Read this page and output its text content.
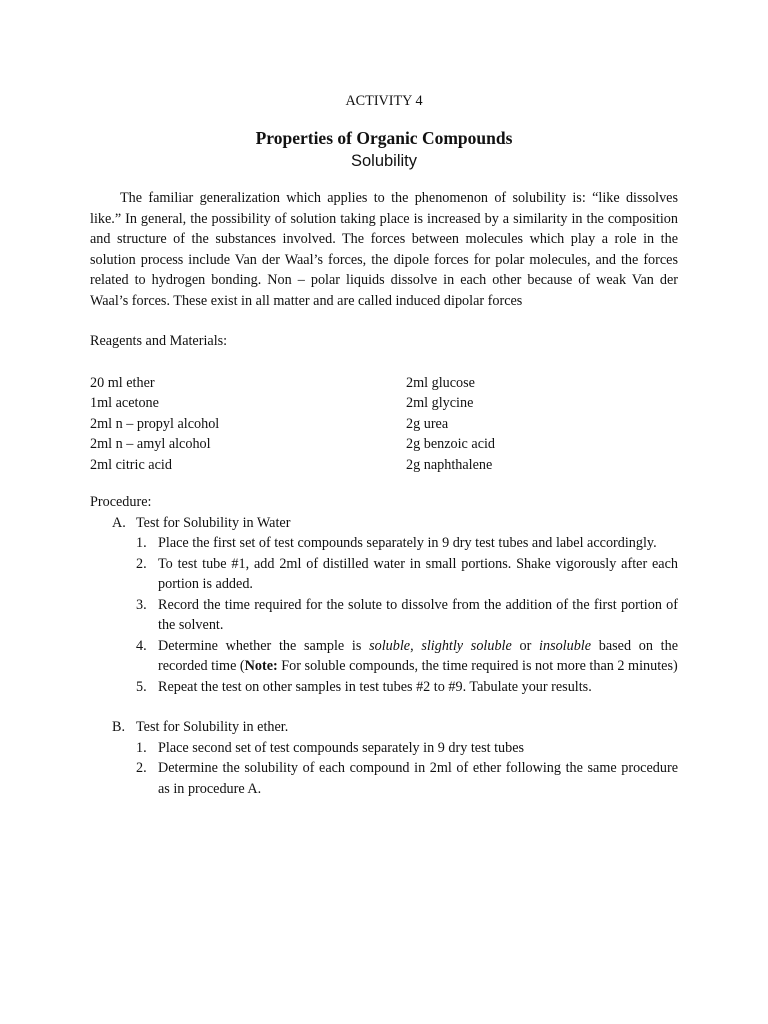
ACTIVITY 4
Properties of Organic Compounds
Solubility

The familiar generalization which applies to the phenomenon of solubility is: “like dissolves like.” In general, the possibility of solution taking place is increased by a similarity in the composition and structure of the substances involved. The forces between molecules which play a role in the solution process include Van der Waal’s forces, the dipole forces for polar molecules, and the forces related to hydrogen bonding. Non – polar liquids dissolve in each other because of weak Van der Waal’s forces. These exist in all matter and are called induced dipolar forces

Reagents and Materials:
20 ml ether	2ml glucose
1ml acetone	2ml glycine
2ml n – propyl alcohol	2g urea
2ml n – amyl alcohol	2g benzoic acid
2ml citric acid	2g naphthalene
Procedure:
A. Test for Solubility in Water
1. Place the first set of test compounds separately in 9 dry test tubes and label accordingly.
2. To test tube #1, add 2ml of distilled water in small portions. Shake vigorously after each portion is added.
3. Record the time required for the solute to dissolve from the addition of the first portion of the solvent.
4. Determine whether the sample is soluble, slightly soluble or insoluble based on the recorded time (Note: For soluble compounds, the time required is not more than 2 minutes)
5. Repeat the test on other samples in test tubes #2 to #9. Tabulate your results.
B. Test for Solubility in ether.
1. Place second set of test compounds separately in 9 dry test tubes
2. Determine the solubility of each compound in 2ml of ether following the same procedure as in procedure A.
